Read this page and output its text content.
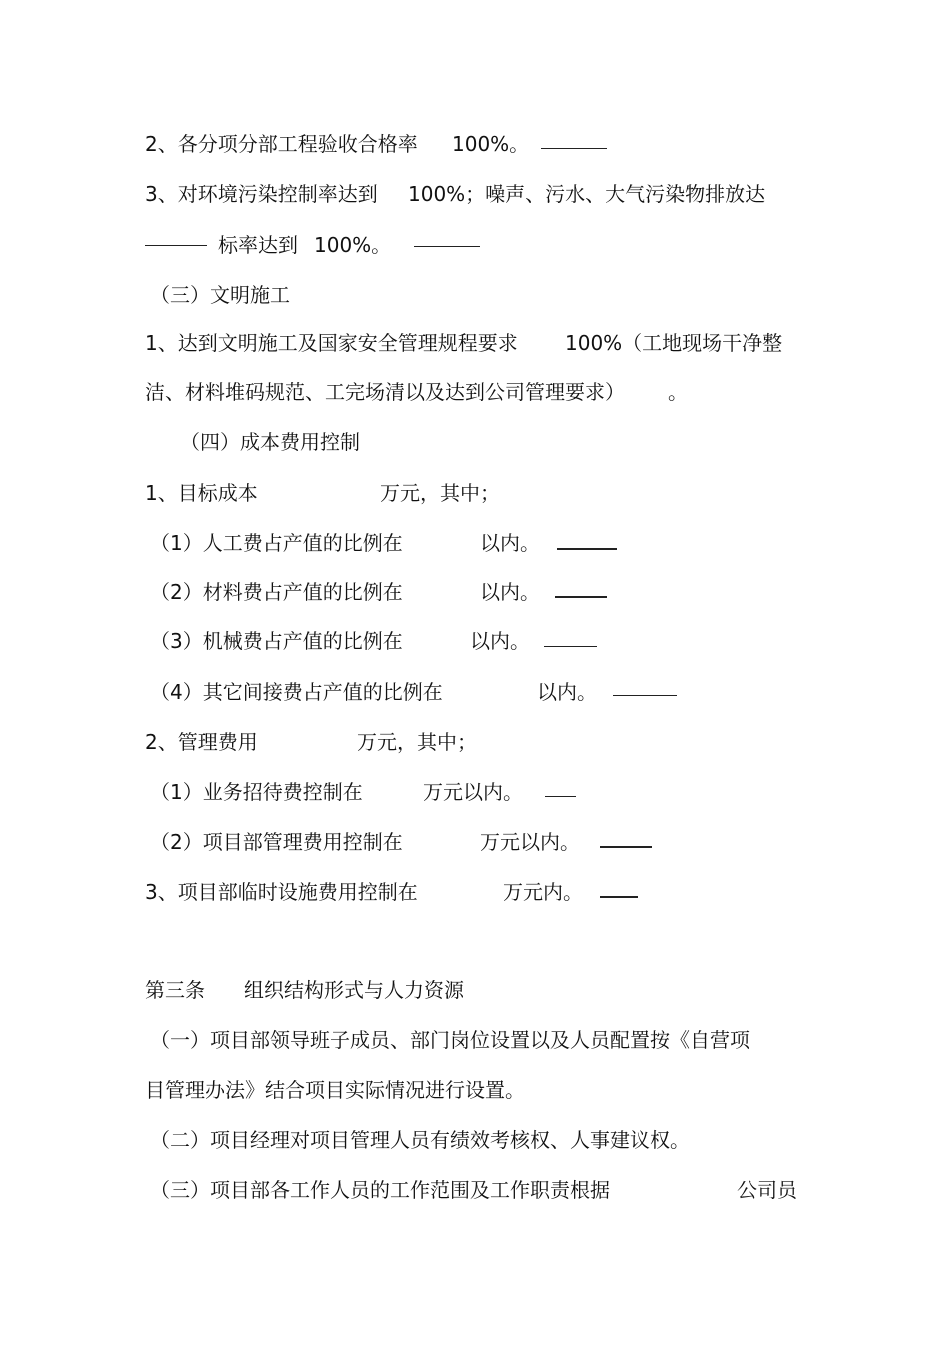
2、各分项分部工程验收合格率 100%。
3、对环境污染控制率达到 100%；噪声、污水、大气污染物排放达
标率达到 100%。
（三）文明施工
1、达到文明施工及国家安全管理规程要求 100%（工地现场干净整
洁、材料堆码规范、工完场清以及达到公司管理要求） 。
（四）成本费用控制
1、目标成本	万元，其中；
（1）人工费占产值的比例在	以内。
（2）材料费占产值的比例在	以内。
（3）机械费占产值的比例在	以内。
（4）其它间接费占产值的比例在	以内。
2、管理费用	万元，其中；
（1）业务招待费控制在	万元以内。
（2）项目部管理费用控制在	万元以内。
3、项目部临时设施费用控制在	万元内。
第三条 组织结构形式与人力资源
（一）项目部领导班子成员、部门岗位设置以及人员配置按《自营项
目管理办法》结合项目实际情况进行设置。
（二）项目经理对项目管理人员有绩效考核权、人事建议权。
（三）项目部各工作人员的工作范围及工作职责根据	公司员
